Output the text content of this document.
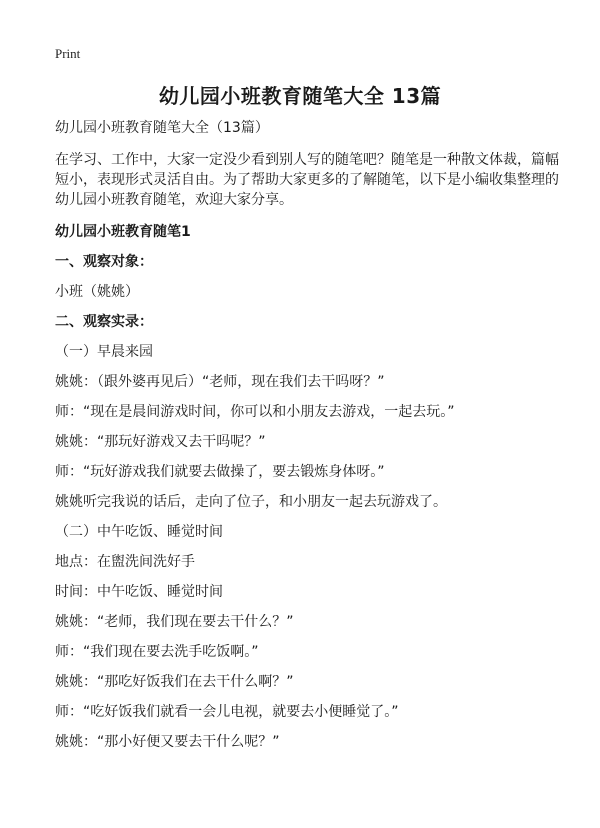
Print
幼儿园小班教育随笔大全 13篇
幼儿园小班教育随笔大全（13篇）
在学习、工作中，大家一定没少看到别人写的随笔吧？随笔是一种散文体裁，篇幅
短小，表现形式灵活自由。为了帮助大家更多的了解随笔，以下是小编收集整理的
幼儿园小班教育随笔，欢迎大家分享。
幼儿园小班教育随笔1
一、观察对象：
小班（姚姚）
二、观察实录：
（一）早晨来园
姚姚：（跟外婆再见后）“老师，现在我们去干吗呀？”
师：“现在是晨间游戏时间，你可以和小朋友去游戏，一起去玩。”
姚姚：“那玩好游戏又去干吗呢？”
师：“玩好游戏我们就要去做操了，要去锻炼身体呀。”
姚姚听完我说的话后，走向了位子，和小朋友一起去玩游戏了。
（二）中午吃饭、睡觉时间
地点：在盥洗间洗好手
时间：中午吃饭、睡觉时间
姚姚：“老师，我们现在要去干什么？”
师：“我们现在要去洗手吃饭啊。”
姚姚：“那吃好饭我们在去干什么啊？”
师：“吃好饭我们就看一会儿电视，就要去小便睡觉了。”
姚姚：“那小好便又要去干什么呢？”
